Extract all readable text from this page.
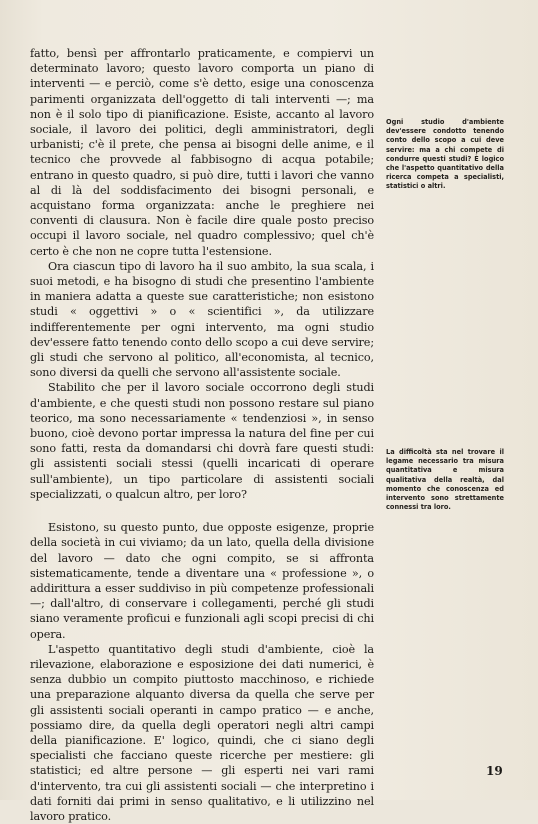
fatto, bensì per affrontarlo praticamente, e compiervi un determinato lavoro; questo lavoro comporta un piano di interventi — e perciò, come s'è detto, esige una conoscenza parimenti organizzata dell'oggetto di tali interventi —; ma non è il solo tipo di pianificazione. Esiste, accanto al lavoro sociale, il lavoro dei politici, degli amministratori, degli urbanisti; c'è il prete, che pensa ai bisogni delle anime, e il tecnico che provvede al fabbisogno di acqua potabile; entrano in questo quadro, si può dire, tutti i lavori che vanno al di là del soddisfacimento dei bisogni personali, e acquistano forma organizzata: anche le preghiere nei conventi di clausura. Non è facile dire quale posto preciso occupi il lavoro sociale, nel quadro complessivo; quel ch'è certo è che non ne copre tutta l'estensione.

Ora ciascun tipo di lavoro ha il suo ambito, la sua scala, i suoi metodi, e ha bisogno di studi che presentino l'ambiente in maniera adatta a queste sue caratteristiche; non esistono studi « oggettivi » o « scientifici », da utilizzare indifferentemente per ogni intervento, ma ogni studio dev'essere fatto tenendo conto dello scopo a cui deve servire; gli studi che servono al politico, all'economista, al tecnico, sono diversi da quelli che servono all'assistente sociale.

Stabilito che per il lavoro sociale occorrono degli studi d'ambiente, e che questi studi non possono restare sul piano teorico, ma sono necessariamente « tendenziosi », in senso buono, cioè devono portar impressa la natura del fine per cui sono fatti, resta da domandarsi chi dovrà fare questi studi: gli assistenti sociali stessi (quelli incaricati di operare sull'ambiente), un tipo particolare di assistenti sociali specializzati, o qualcun altro, per loro?

Esistono, su questo punto, due opposte esigenze, proprie della società in cui viviamo; da un lato, quella della divisione del lavoro — dato che ogni compito, se si affronta sistematicamente, tende a diventare una « professione », o addirittura a esser suddiviso in più competenze professionali —; dall'altro, di conservare i collegamenti, perché gli studi siano veramente proficui e funzionali agli scopi precisi di chi opera.

L'aspetto quantitativo degli studi d'ambiente, cioè la rilevazione, elaborazione e esposizione dei dati numerici, è senza dubbio un compito piuttosto macchinoso, e richiede una preparazione alquanto diversa da quella che serve per gli assistenti sociali operanti in campo pratico — e anche, possiamo dire, da quella degli operatori negli altri campi della pianificazione. E' logico, quindi, che ci siano degli specialisti che facciano queste ricerche per mestiere: gli statistici; ed altre persone — gli esperti nei vari rami d'intervento, tra cui gli assistenti sociali — che interpretino i dati forniti dai primi in senso qualitativo, e li utilizzino nel lavoro pratico.

Ogni studio d'ambiente dev'essere condotto tenendo conto dello scopo a cui deve servire: ma a chi compete di condurre questi studi? È logico che l'aspetto quantitativo della ricerca competa a specialisti, statistici o altri.
La difficoltà sta nel trovare il legame necessario tra misura quantitativa e misura qualitativa della realtà, dal momento che conoscenza ed intervento sono strettamente connessi tra loro.
19
